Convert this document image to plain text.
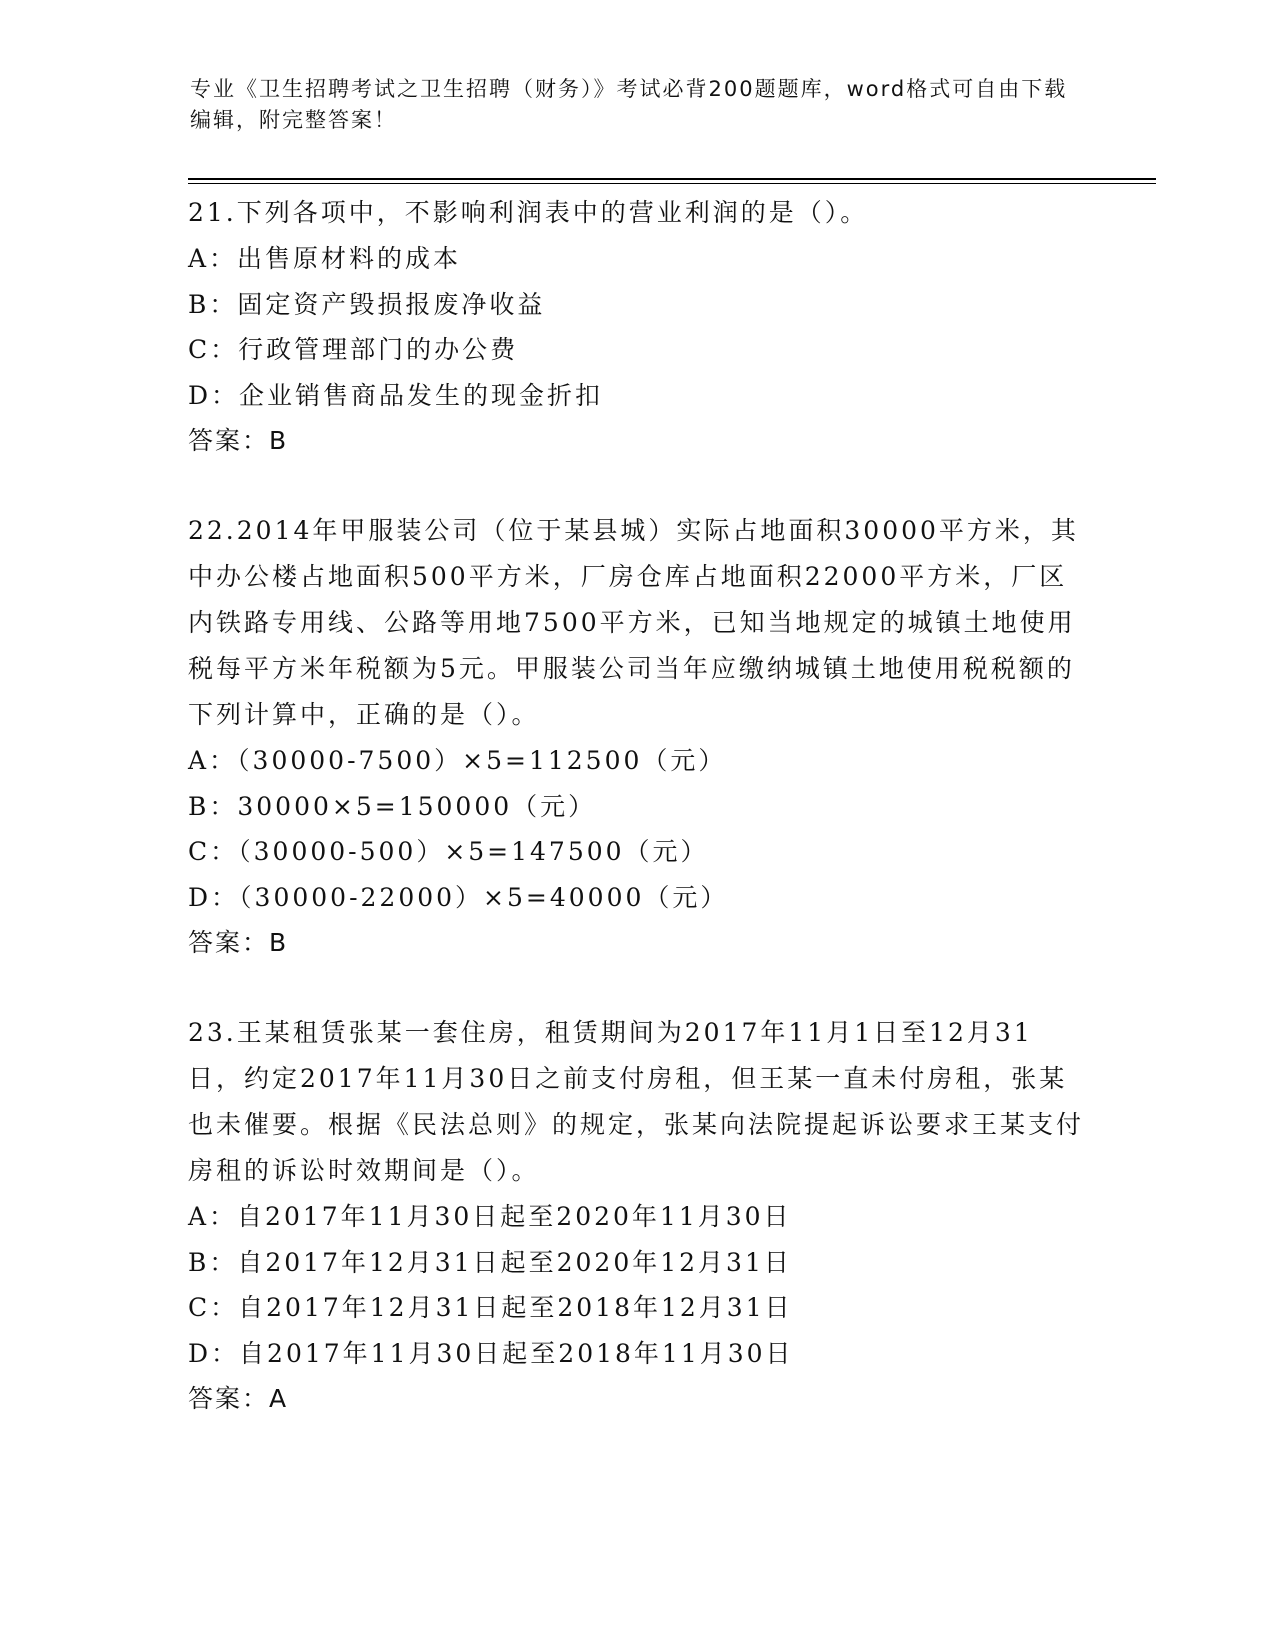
专业《卫生招聘考试之卫生招聘（财务）》考试必背200题题库，word格式可自由下载编辑，附完整答案！
21.下列各项中，不影响利润表中的营业利润的是（）。
A：出售原材料的成本
B：固定资产毁损报废净收益
C：行政管理部门的办公费
D：企业销售商品发生的现金折扣
答案：B
22.2014年甲服装公司（位于某县城）实际占地面积30000平方米，其中办公楼占地面积500平方米，厂房仓库占地面积22000平方米，厂区内铁路专用线、公路等用地7500平方米，已知当地规定的城镇土地使用税每平方米年税额为5元。甲服装公司当年应缴纳城镇土地使用税税额的下列计算中，正确的是（）。
A：（30000-7500）×5=112500（元）
B：30000×5=150000（元）
C：（30000-500）×5=147500（元）
D：（30000-22000）×5=40000（元）
答案：B
23.王某租赁张某一套住房，租赁期间为2017年11月1日至12月31日，约定2017年11月30日之前支付房租，但王某一直未付房租，张某也未催要。根据《民法总则》的规定，张某向法院提起诉讼要求王某支付房租的诉讼时效期间是（）。
A：自2017年11月30日起至2020年11月30日
B：自2017年12月31日起至2020年12月31日
C：自2017年12月31日起至2018年12月31日
D：自2017年11月30日起至2018年11月30日
答案：A
